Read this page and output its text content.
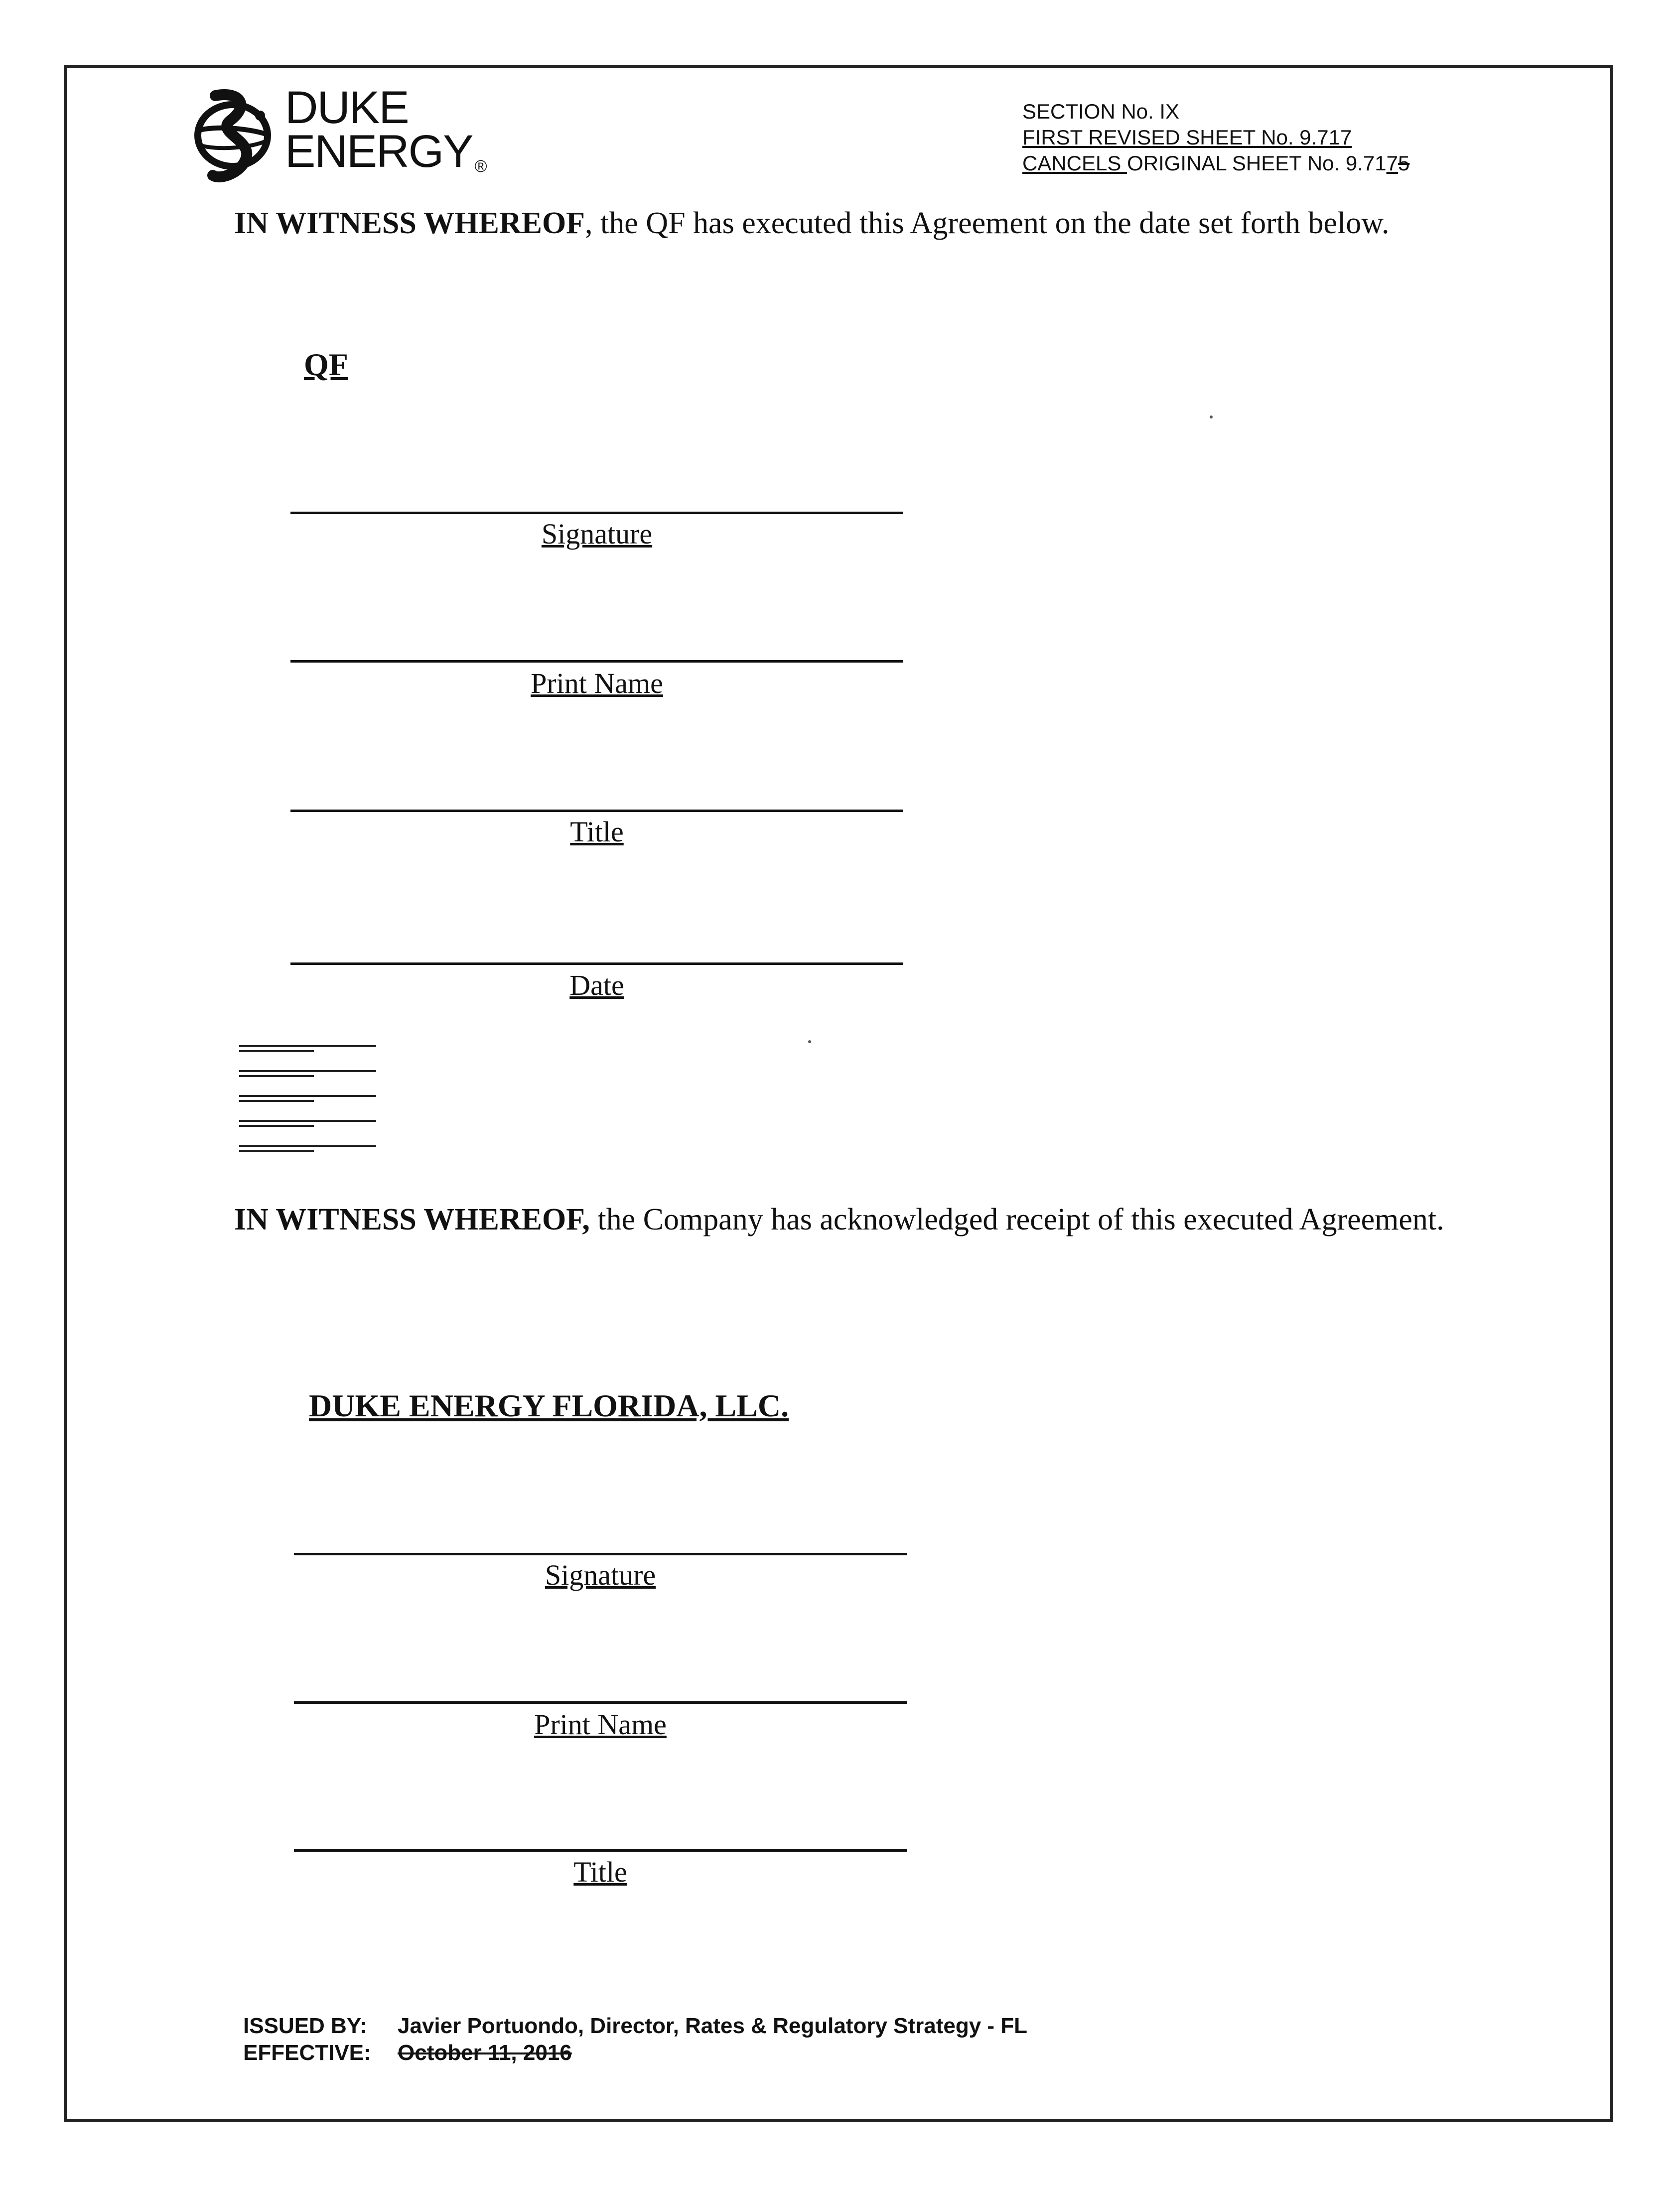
DUKE
ENERGY ®
SECTION No. IX
FIRST REVISED SHEET No. 9.717
CANCELS ORIGINAL SHEET No. 9.7175
IN WITNESS WHEREOF, the QF has executed this Agreement on the date set forth below.
QF
Signature
Print Name
Title
Date
IN WITNESS WHEREOF, the Company has acknowledged receipt of this executed Agreement.
DUKE ENERGY FLORIDA, LLC.
Signature
Print Name
Title
ISSUED BY: Javier Portuondo, Director, Rates & Regulatory Strategy - FL
EFFECTIVE: October 11, 2016
